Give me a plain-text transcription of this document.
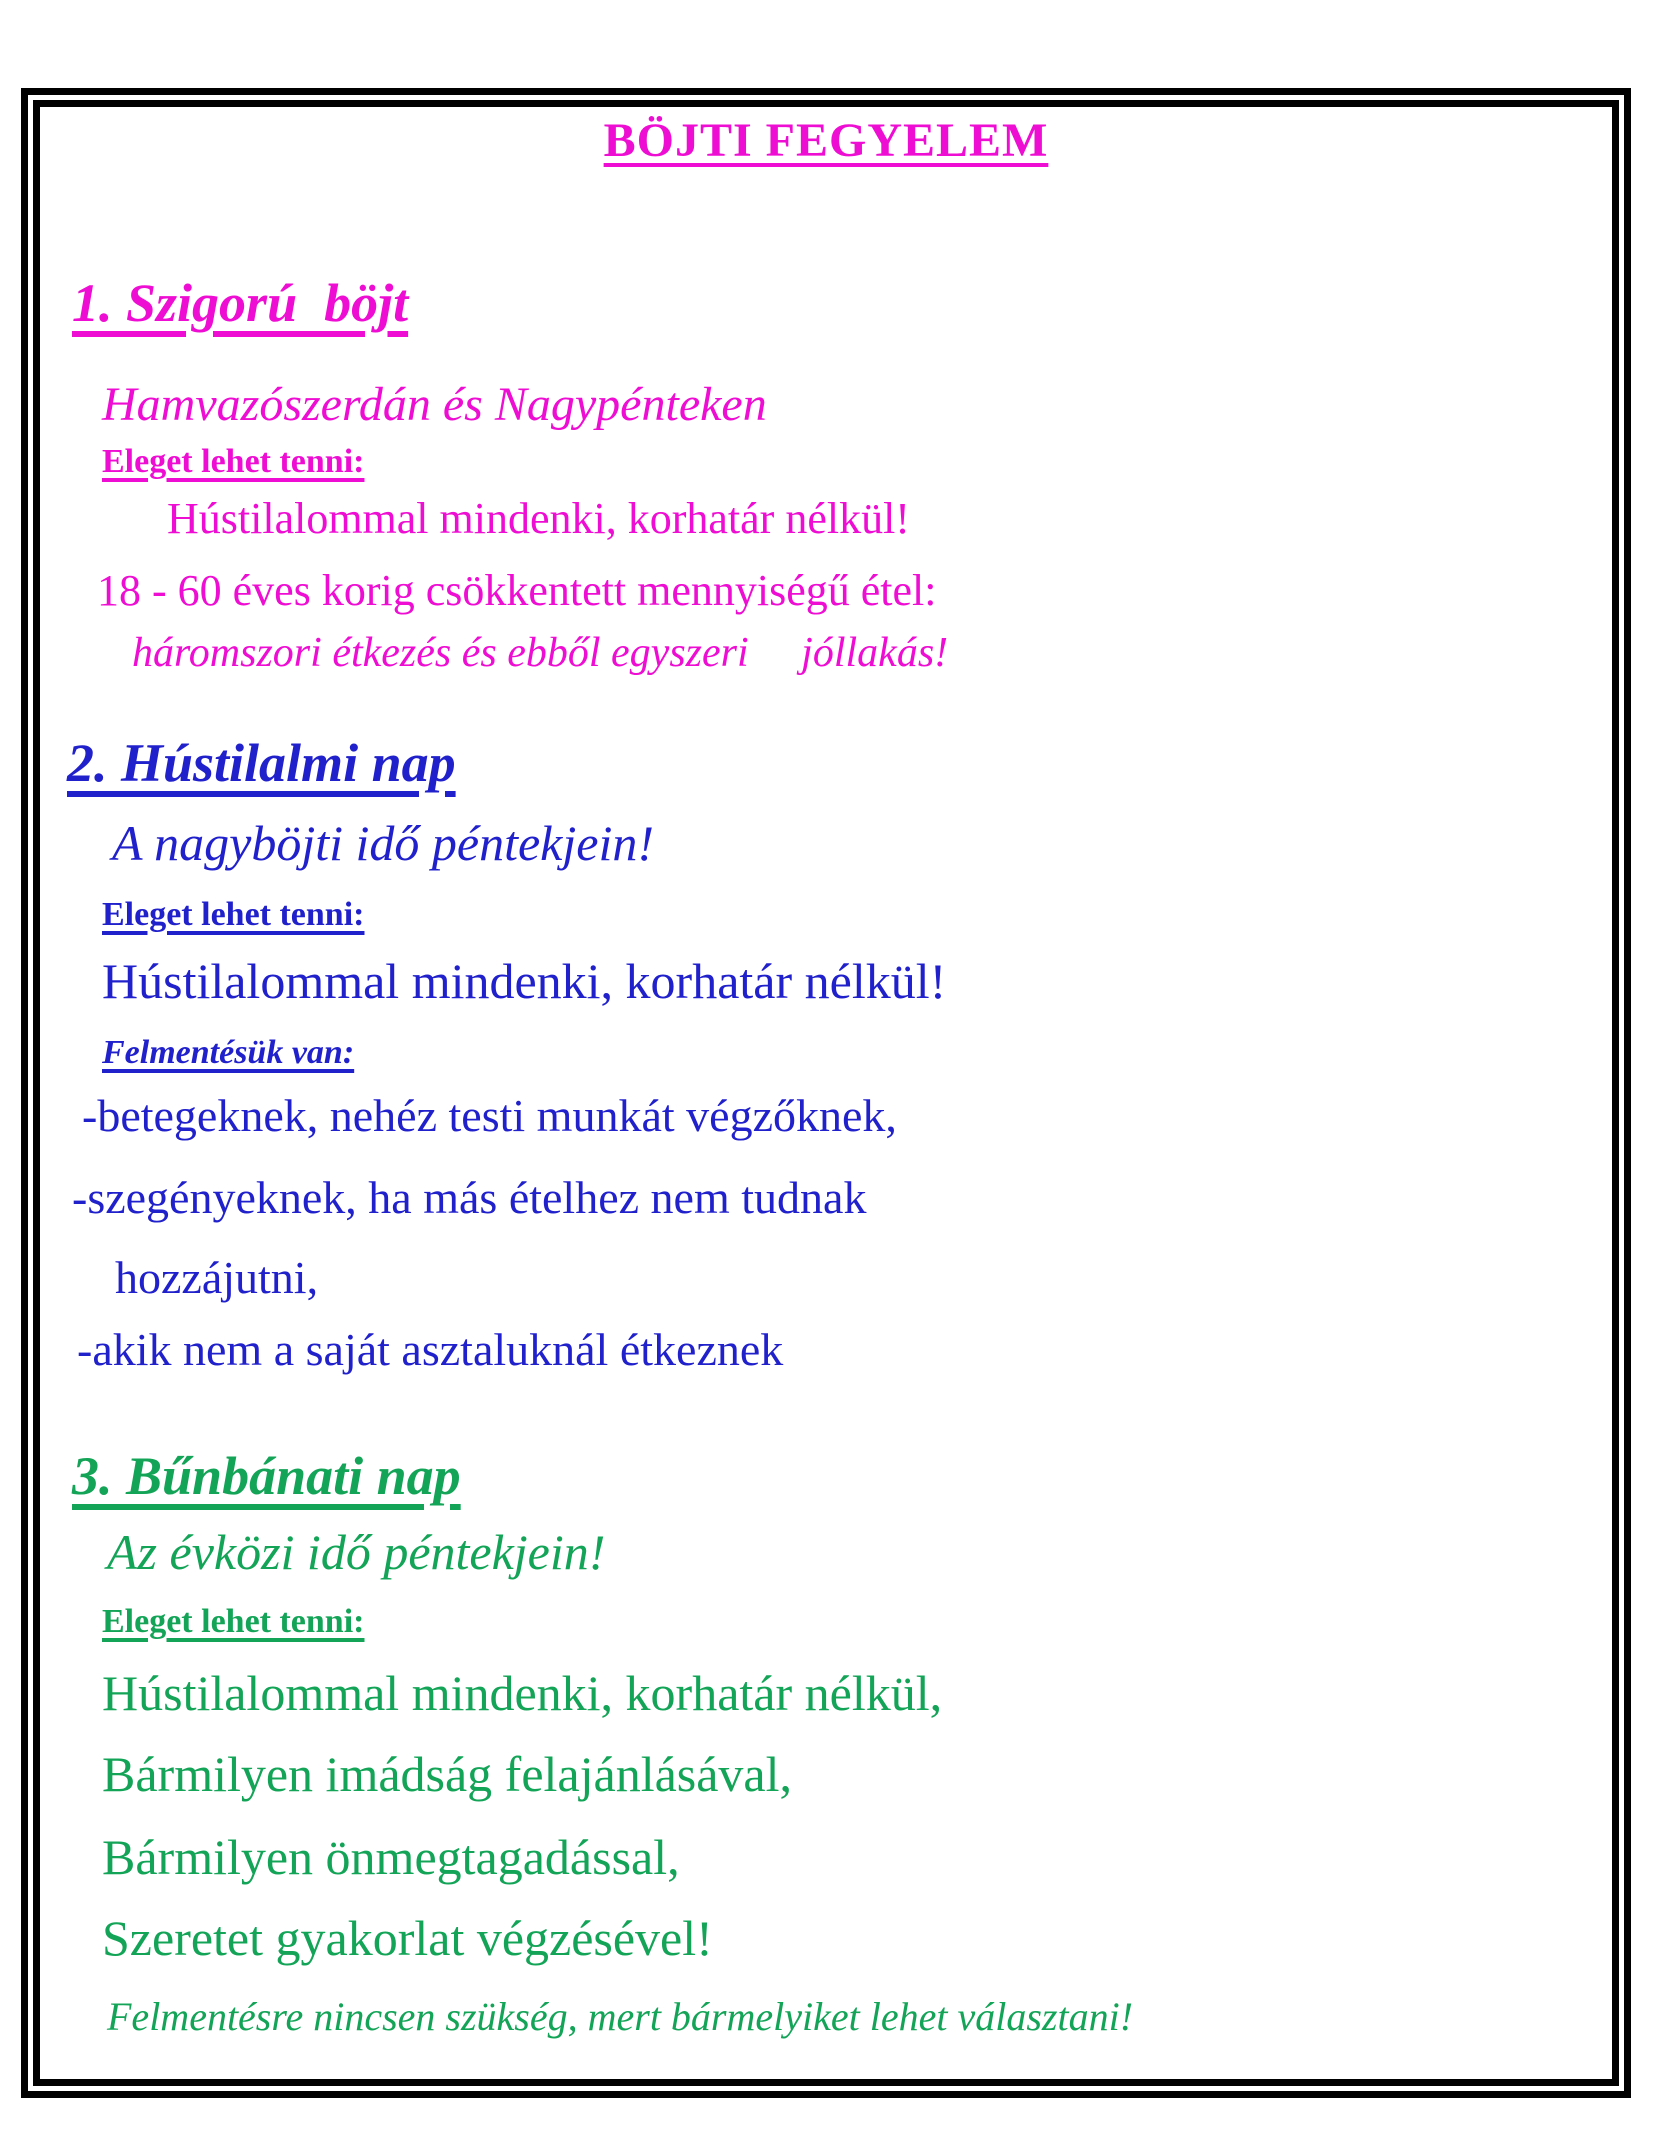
BÖJTI FEGYELEM
1. Szigorú  böjt
Hamvazószerdán és Nagypénteken
Eleget lehet tenni:
Hústilalommal mindenki, korhatár nélkül!
18 - 60 éves korig csökkentett mennyiségű étel:
háromszori étkezés és ebből egyszeri     jóllakás!
2. Hústilalmi nap
A nagyböjti idő péntekjein!
Eleget lehet tenni:
Hústilalommal mindenki, korhatár nélkül!
Felmentésük van:
-betegeknek, nehéz testi munkát végzőknek,
-szegényeknek, ha más ételhez nem tudnak
hozzájutni,
-akik nem a saját asztaluknál étkeznek
3. Bűnbánati nap
Az évközi idő péntekjein!
Eleget lehet tenni:
Hústilalommal mindenki, korhatár nélkül,
Bármilyen imádság felajánlásával,
Bármilyen önmegtagadással,
Szeretet gyakorlat végzésével!
Felmentésre nincsen szükség, mert bármelyiket lehet választani!
